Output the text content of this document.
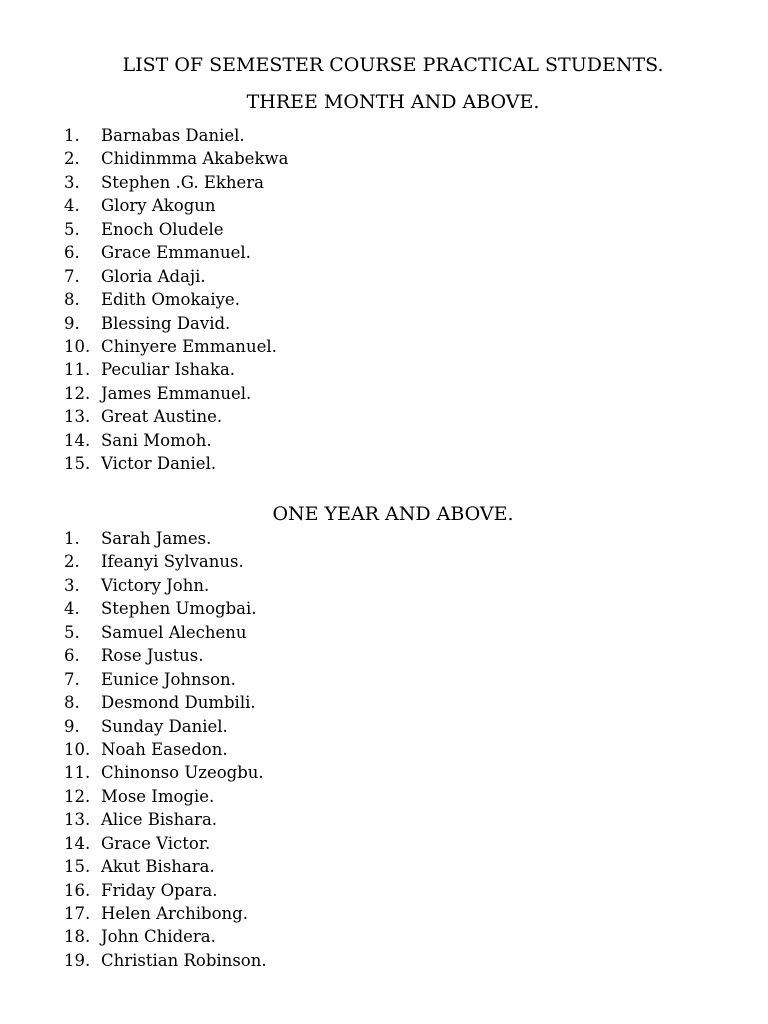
LIST OF SEMESTER COURSE PRACTICAL STUDENTS.
THREE MONTH AND ABOVE.
1.	Barnabas Daniel.
2.	Chidinmma Akabekwa
3.	Stephen .G. Ekhera
4.	Glory Akogun
5.	Enoch Oludele
6.	Grace Emmanuel.
7.	Gloria Adaji.
8.	Edith Omokaiye.
9.	Blessing David.
10. Chinyere Emmanuel.
11. Peculiar Ishaka.
12. James Emmanuel.
13. Great Austine.
14. Sani Momoh.
15. Victor Daniel.
ONE YEAR AND ABOVE.
1.	Sarah James.
2.	Ifeanyi Sylvanus.
3.	Victory John.
4.	Stephen Umogbai.
5.	Samuel Alechenu
6.	Rose Justus.
7.	Eunice Johnson.
8.	Desmond Dumbili.
9.	Sunday Daniel.
10. Noah Easedon.
11. Chinonso Uzeogbu.
12. Mose Imogie.
13. Alice Bishara.
14. Grace Victor.
15. Akut Bishara.
16. Friday Opara.
17. Helen Archibong.
18. John Chidera.
19. Christian Robinson.
